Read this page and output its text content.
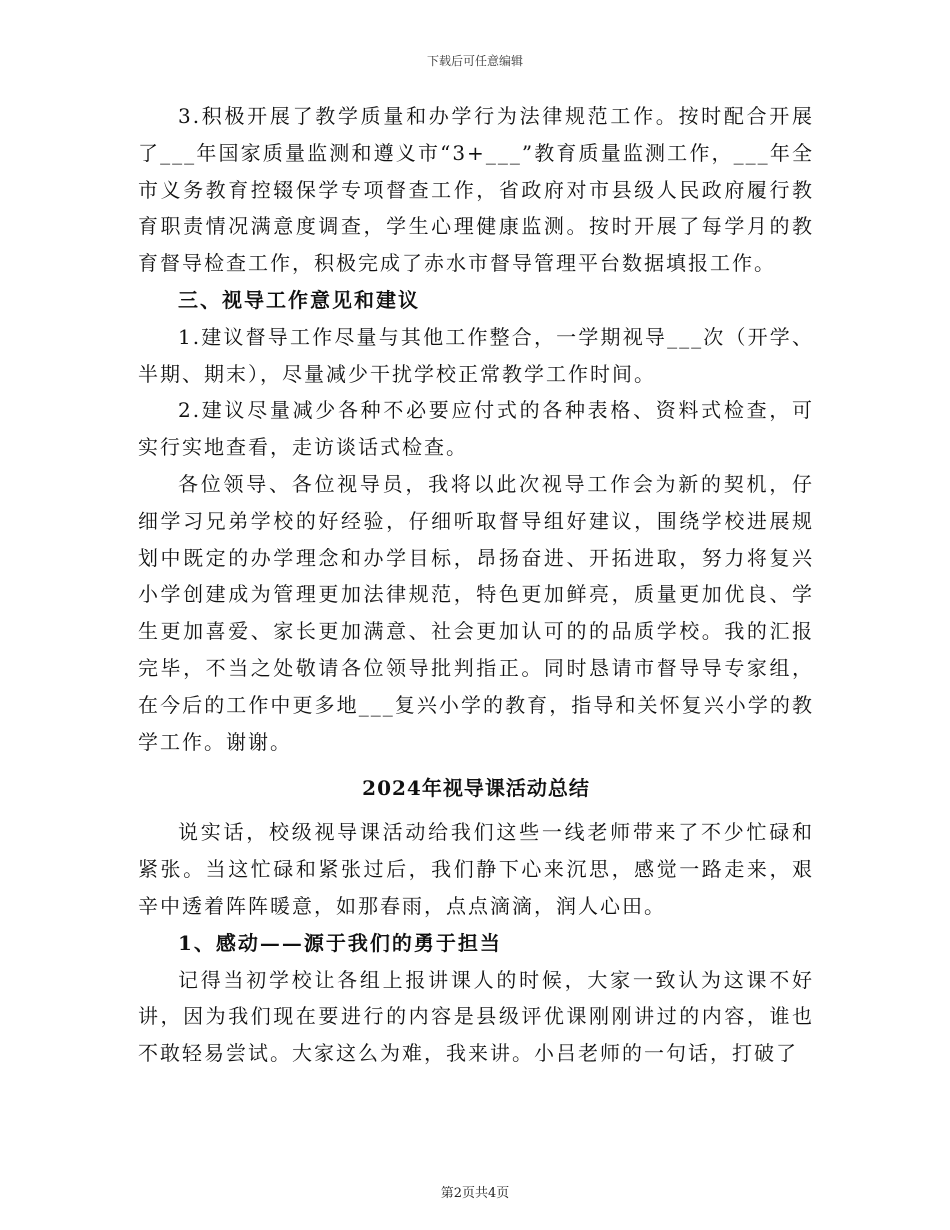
下载后可任意编辑

3.积极开展了教学质量和办学行为法律规范工作。按时配合开展了___年国家质量监测和遵义市“3+___”教育质量监测工作，___年全市义务教育控辍保学专项督查工作，省政府对市县级人民政府履行教育职责情况满意度调查，学生心理健康监测。按时开展了每学月的教育督导检查工作，积极完成了赤水市督导管理平台数据填报工作。

三、视导工作意见和建议

1.建议督导工作尽量与其他工作整合，一学期视导___次（开学、半期、期末），尽量减少干扰学校正常教学工作时间。

2.建议尽量减少各种不必要应付式的各种表格、资料式检查，可实行实地查看，走访谈话式检查。

各位领导、各位视导员，我将以此次视导工作会为新的契机，仔细学习兄弟学校的好经验，仔细听取督导组好建议，围绕学校进展规划中既定的办学理念和办学目标，昂扬奋进、开拓进取，努力将复兴小学创建成为管理更加法律规范，特色更加鲜亮，质量更加优良、学生更加喜爱、家长更加满意、社会更加认可的的品质学校。我的汇报完毕，不当之处敬请各位领导批判指正。同时恳请市督导导专家组，在今后的工作中更多地___复兴小学的教育，指导和关怀复兴小学的教学工作。谢谢。

2024年视导课活动总结

说实话，校级视导课活动给我们这些一线老师带来了不少忙碌和紧张。当这忙碌和紧张过后，我们静下心来沉思，感觉一路走来，艰辛中透着阵阵暖意，如那春雨，点点滴滴，润人心田。

1、感动——源于我们的勇于担当

记得当初学校让各组上报讲课人的时候，大家一致认为这课不好讲，因为我们现在要进行的内容是县级评优课刚刚讲过的内容，谁也不敢轻易尝试。大家这么为难，我来讲。小吕老师的一句话，打破了

第2页共4页
